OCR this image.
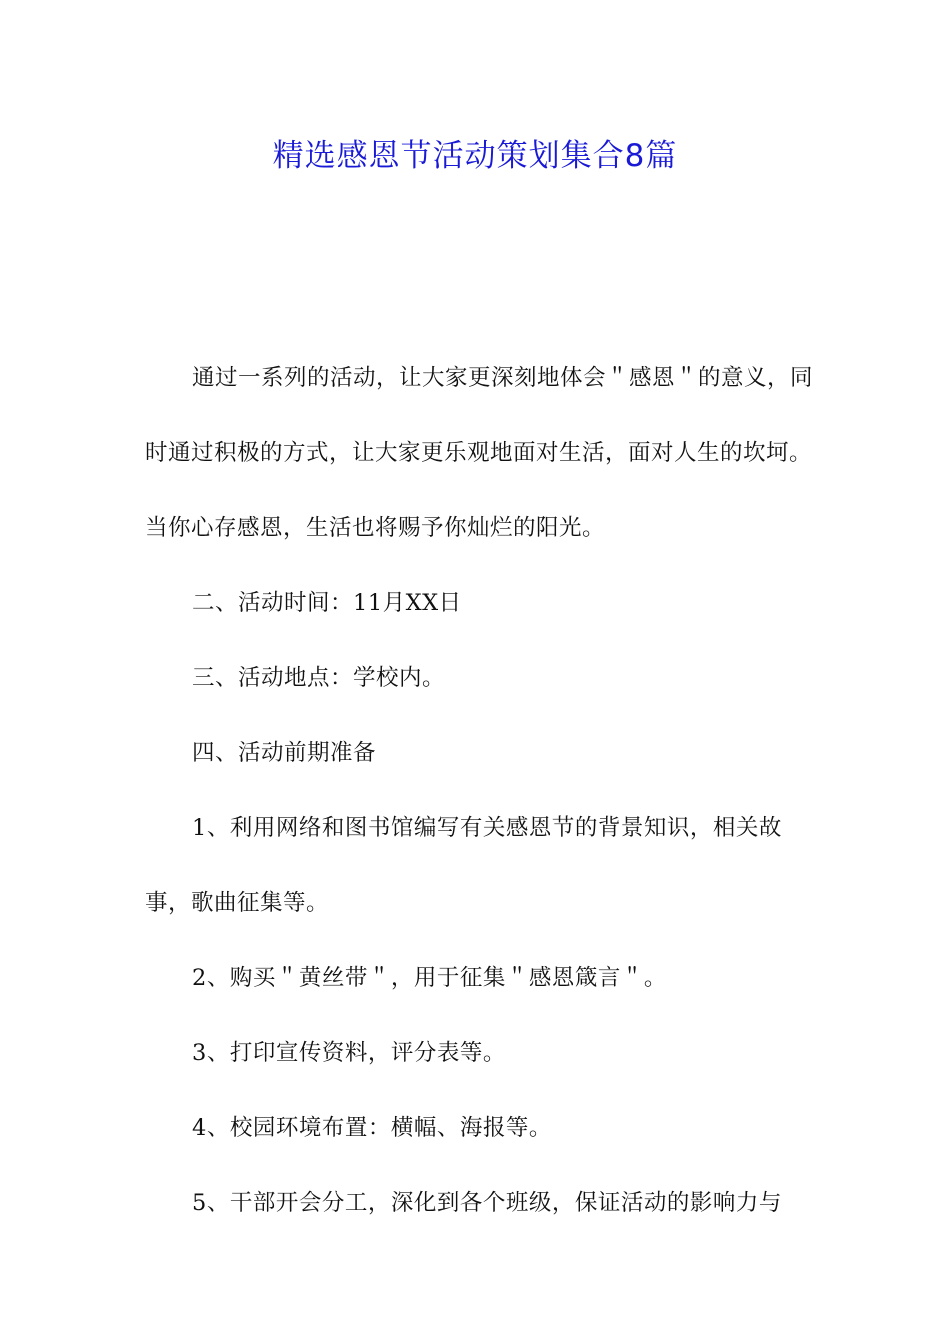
精选感恩节活动策划集合8篇

通过一系列的活动，让大家更深刻地体会＂感恩＂的意义，同时通过积极的方式，让大家更乐观地面对生活，面对人生的坎坷。当你心存感恩，生活也将赐予你灿烂的阳光。

二、活动时间：11月XX日

三、活动地点：学校内。

四、活动前期准备

1、利用网络和图书馆编写有关感恩节的背景知识，相关故事，歌曲征集等。

2、购买＂黄丝带＂，用于征集＂感恩箴言＂。

3、打印宣传资料，评分表等。

4、校园环境布置：横幅、海报等。

5、干部开会分工，深化到各个班级，保证活动的影响力与
